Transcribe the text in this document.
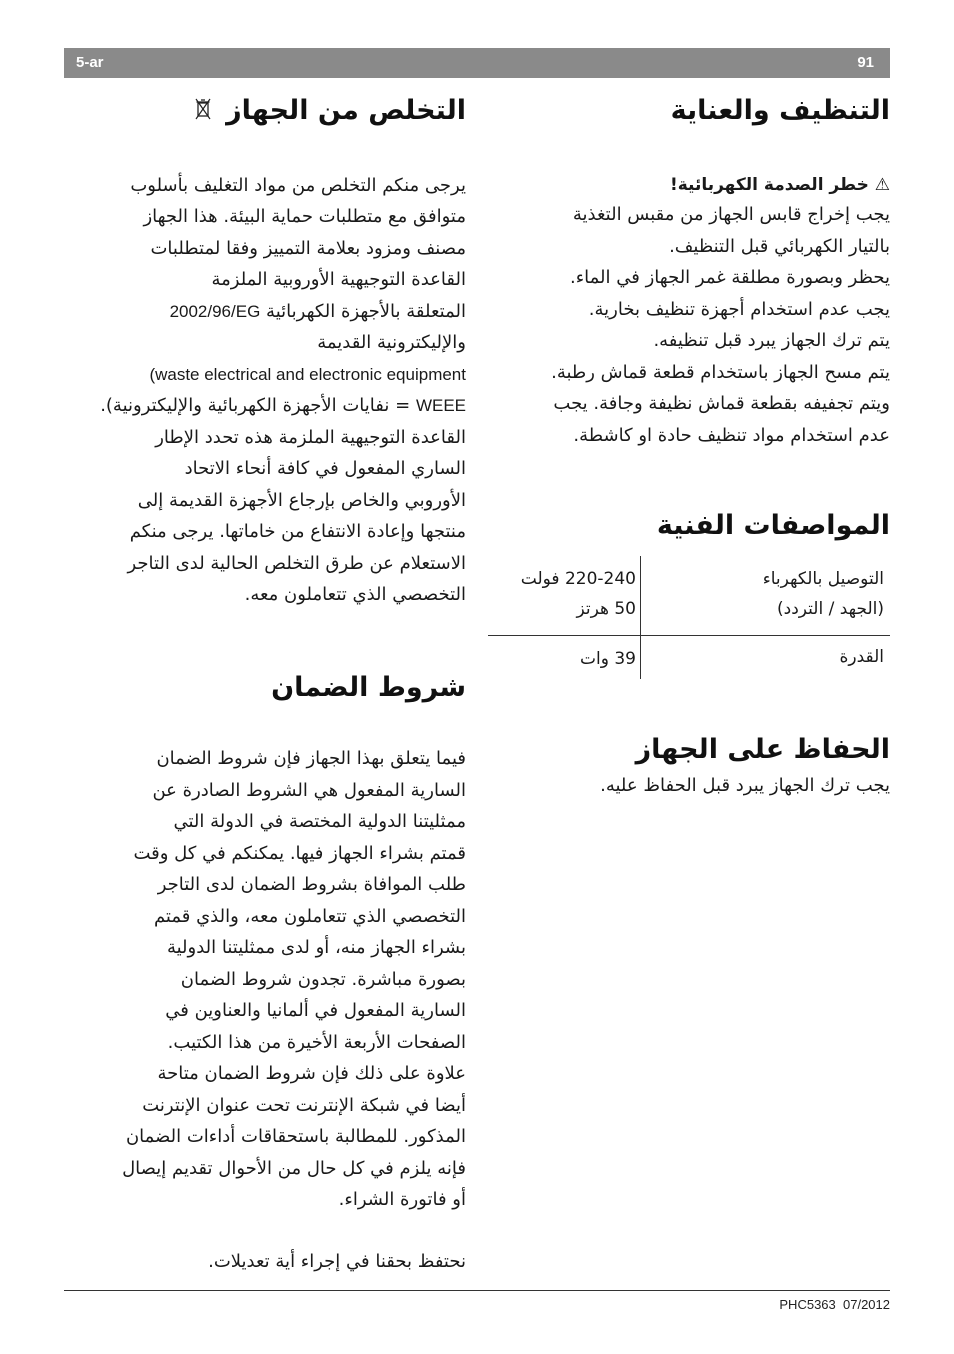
5-ar	91
التنظيف والعناية

⚠ خطر الصدمة الكهربائية!

يجب إخراج قابس الجهاز من مقبس التغذية

بالتيار الكهربائي قبل التنظيف.

يحظر وبصورة مطلقة غمر الجهاز في الماء.

يجب عدم استخدام أجهزة تنظيف بخارية.

يتم ترك الجهاز يبرد قبل تنظيفه.

يتم مسح الجهاز باستخدام قطعة قماش رطبة.

ويتم تجفيفه بقطعة قماش نظيفة وجافة. يجب

عدم استخدام مواد تنظيف حادة او كاشطة.

المواصفات الفنية
التوصيل بالكهرباء
(الجهد / التردد)
220-240 فولت
50 هرتز
القدرة
39 وات
الحفاظ على الجهاز

يجب ترك الجهاز يبرد قبل الحفاظ عليه.

التخلص من الجهاز

يرجى منكم التخلص من مواد التغليف بأسلوب

متوافق مع متطلبات حماية البيئة. هذا الجهاز

مصنف ومزود بعلامة التمييز وفقا لمتطلبات

القاعدة التوجيهية الأوروبية الملزمة

المتعلقة بالأجهزة الكهربائية 2002/96/EG

والإليكترونية القديمة

(waste electrical and electronic equipment

WEEE = نفايات الأجهزة الكهربائية والإليكترونية).

القاعدة التوجيهية الملزمة هذه تحدد الإطار

الساري المفعول في كافة أنحاء الاتحاد

الأوروبي والخاص بإرجاع الأجهزة القديمة إلى

منتجها وإعادة الانتفاع من خاماتها. يرجى منكم

الاستعلام عن طرق التخلص الحالية لدى التاجر

التخصصي الذي تتعاملون معه.

شروط الضمان

فيما يتعلق بهذا الجهاز فإن شروط الضمان

السارية المفعول هي الشروط الصادرة عن

ممثليتنا الدولية المختصة في الدولة التي

قمتم بشراء الجهاز فيها. يمكنكم في كل وقت

طلب الموافاة بشروط الضمان لدى التاجر

التخصصي الذي تتعاملون معه، والذي قمتم

بشراء الجهاز منه، أو لدى ممثليتنا الدولية

بصورة مباشرة. تجدون شروط الضمان

السارية المفعول في ألمانيا والعناوين في

الصفحات الأربعة الأخيرة من هذا الكتيب.

علاوة على ذلك فإن شروط الضمان متاحة

أيضا في شبكة الإنترنت تحت عنوان الإنترنت

المذكور. للمطالبة باستحقاقات أداءات الضمان

فإنه يلزم في كل حال من الأحوال تقديم إيصال

أو فاتورة الشراء.

نحتفظ بحقنا في إجراء أية تعديلات.

PHC5363 07/2012
